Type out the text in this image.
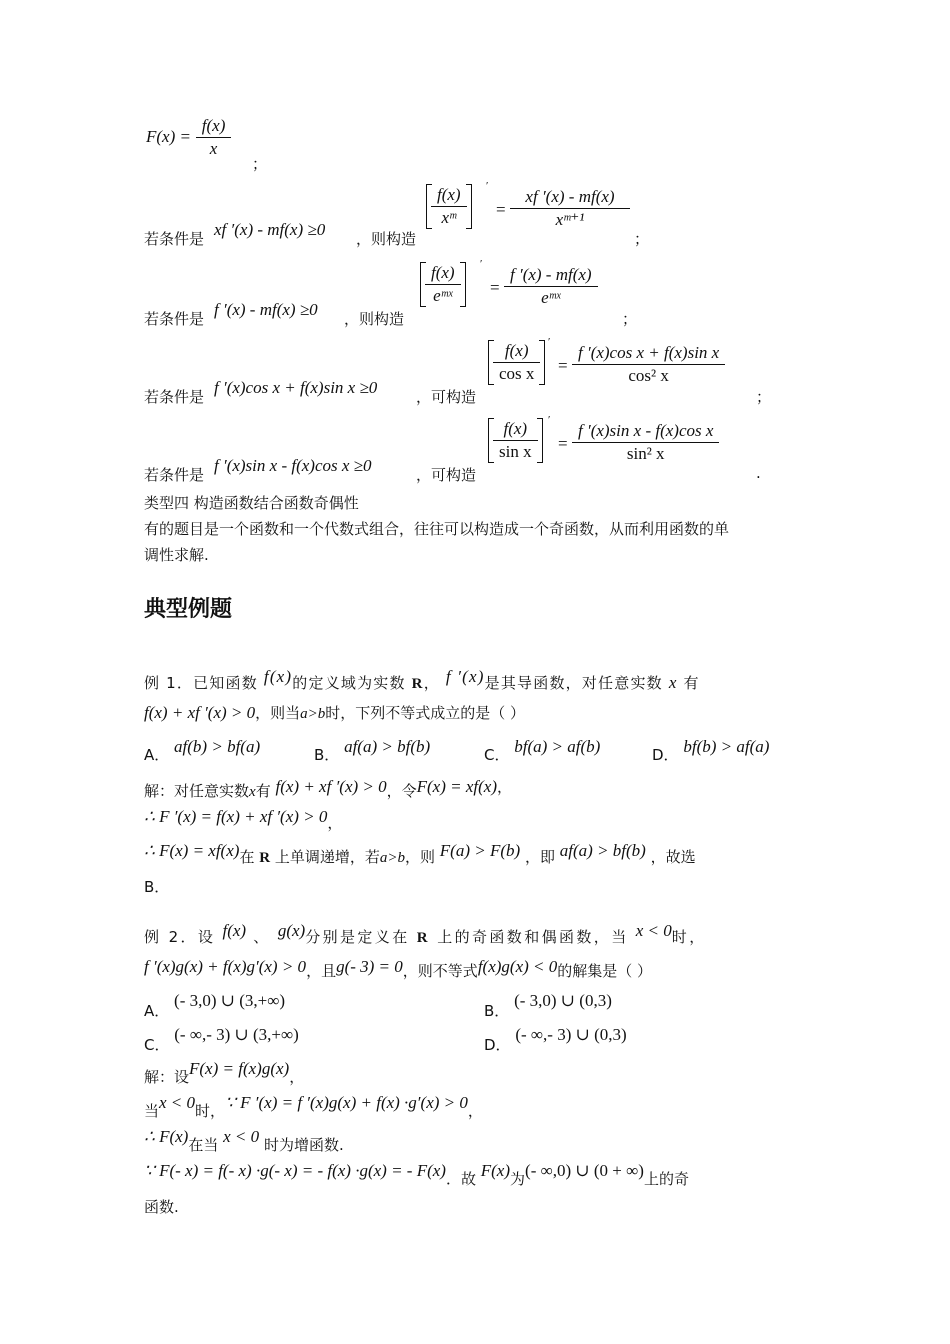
$F(x) = \frac{f(x)}{x}$
；
若条件是 xf ′(x) - mf(x) ≥0 ，则构造
$\frac{f(x)}{\text{xᵐ}}$ ′
= $\frac{xf '(x) - mf(x)}{\text{xᵐ⁺¹}}$
；
若条件是 f ′(x) - mf(x) ≥0 ，则构造
$\frac{f(x)}{\text{eᵐˣ}}$ ′
=
f ′(x) - mf(x)
eᵐˣ
；
若条件是 f ′(x)cos x + f(x)sin x ≥0	，可构造
$\frac{f(x)}{\text{cos x}}$ ′
= $\frac{\text{f ′(x)cos x + f(x)sin x}}{\text{cos² x}}$
；
若条件是 f ′(x)sin x - f(x)cos x ≥0	，可构造
$\frac{f(x)}{\text{sin x}}$ ′
= $\frac{\text{f ′(x)sin x - f(x)cos x}}{\text{sin² x}}$
.
类型四 构造函数结合函数奇偶性
有的题目是一个函数和一个代数式组合，往往可以构造成一个奇函数，从而利用函数的单
调性求解.
典型例题
例 1．已知函数 f(x)的定义域为实数 R， f ′(x)是其导函数，对任意实数 x 有
f(x) + xf ′(x) > 0，则当a>b时，下列不等式成立的是（ ）
A． af(b) > bf(a)	B． af(a) > bf(b)	C． bf(a) > af(b)	D． bf(b) > af(a)
解：对任意实数x有 f(x) + xf ′(x) > 0，令F(x) = xf(x)，
∴ F ′(x) = f(x) + xf ′(x) > 0，
∴ F(x) = xf(x)在 R 上单调递增，若a>b，则 F(a) > F(b) ，即 af(a) > bf(b) ，故选
B．
例 2．设 f(x) 、 g(x)分别是定义在 R 上的奇函数和偶函数，当 x < 0时，
f ′(x)g(x) + f(x)g′(x) > 0，且g(- 3) = 0，则不等式f(x)g(x) < 0的解集是（ ）
A． (- 3,0) ∪ (3,+∞)
B． (- 3,0) ∪ (0,3)
C． (- ∞,- 3) ∪ (3,+∞)
D． (- ∞,- 3) ∪ (0,3)
解：设F(x) = f(x)g(x)，
当x < 0时，∵ F ′(x) = f ′(x)g(x) + f(x) ·g′(x) > 0，
∴ F(x)在当 x < 0 时为增函数.
∵ F(- x) = f(- x) ·g(- x) = - f(x) ·g(x) = - F(x)．故 F(x)为(- ∞,0) ∪ (0 + ∞)上的奇
函数.
